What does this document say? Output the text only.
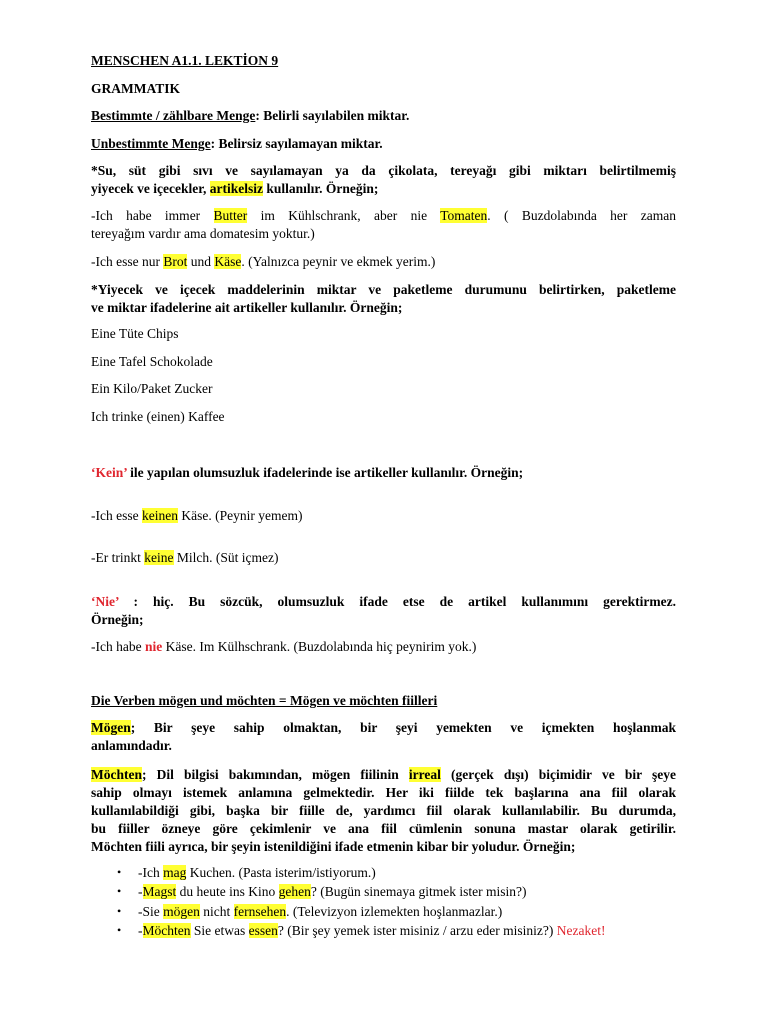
MENSCHEN A1.1. LEKTİON 9

GRAMMATIK

Bestimmte / zählbare Menge: Belirli sayılabilen miktar.

Unbestimmte Menge: Belirsiz sayılamayan miktar.

*Su, süt gibi sıvı ve sayılamayan ya da çikolata, tereyağı gibi miktarı belirtilmemiş

yiyecek ve içecekler, artikelsiz kullanılır. Örneğin;

-Ich habe immer Butter im Kühlschrank, aber nie Tomaten. ( Buzdolabında her zaman

tereyağım vardır ama domatesim yoktur.)

-Ich esse nur Brot und Käse. (Yalnızca peynir ve ekmek yerim.)

*Yiyecek ve içecek maddelerinin miktar ve paketleme durumunu belirtirken, paketleme

ve miktar ifadelerine ait artikeller kullanılır. Örneğin;

Eine Tüte Chips

Eine Tafel Schokolade

Ein Kilo/Paket Zucker

Ich trinke (einen) Kaffee

‘Kein’ ile yapılan olumsuzluk ifadelerinde ise artikeller kullanılır. Örneğin;

-Ich esse keinen Käse. (Peynir yemem)

-Er trinkt keine Milch. (Süt içmez)

‘Nie’ : hiç. Bu sözcük, olumsuzluk ifade etse de artikel kullanımını gerektirmez.

Örneğin;

-Ich habe nie Käse. Im Külhschrank. (Buzdolabında hiç peynirim yok.)

Die Verben mögen und möchten = Mögen ve möchten fiilleri

Mögen; Bir şeye sahip olmaktan, bir şeyi yemekten ve içmekten hoşlanmak

anlamındadır.

Möchten; Dil bilgisi bakımından, mögen fiilinin irreal (gerçek dışı) biçimidir ve bir şeye

sahip olmayı istemek anlamına gelmektedir. Her iki fiilde tek başlarına ana fiil olarak

kullanılabildiği gibi, başka bir fiille de, yardımcı fiil olarak kullanılabilir. Bu durumda,

bu fiiller özneye göre çekimlenir ve ana fiil cümlenin sonuna mastar olarak getirilir.

Möchten fiili ayrıca, bir şeyin istenildiğini ifade etmenin kibar bir yoludur. Örneğin;

• -Ich mag Kuchen. (Pasta isterim/istiyorum.)
• -Magst du heute ins Kino gehen? (Bugün sinemaya gitmek ister misin?)
• -Sie mögen nicht fernsehen. (Televizyon izlemekten hoşlanmazlar.)
• -Möchten Sie etwas essen? (Bir şey yemek ister misiniz / arzu eder misiniz?) Nezaket!
